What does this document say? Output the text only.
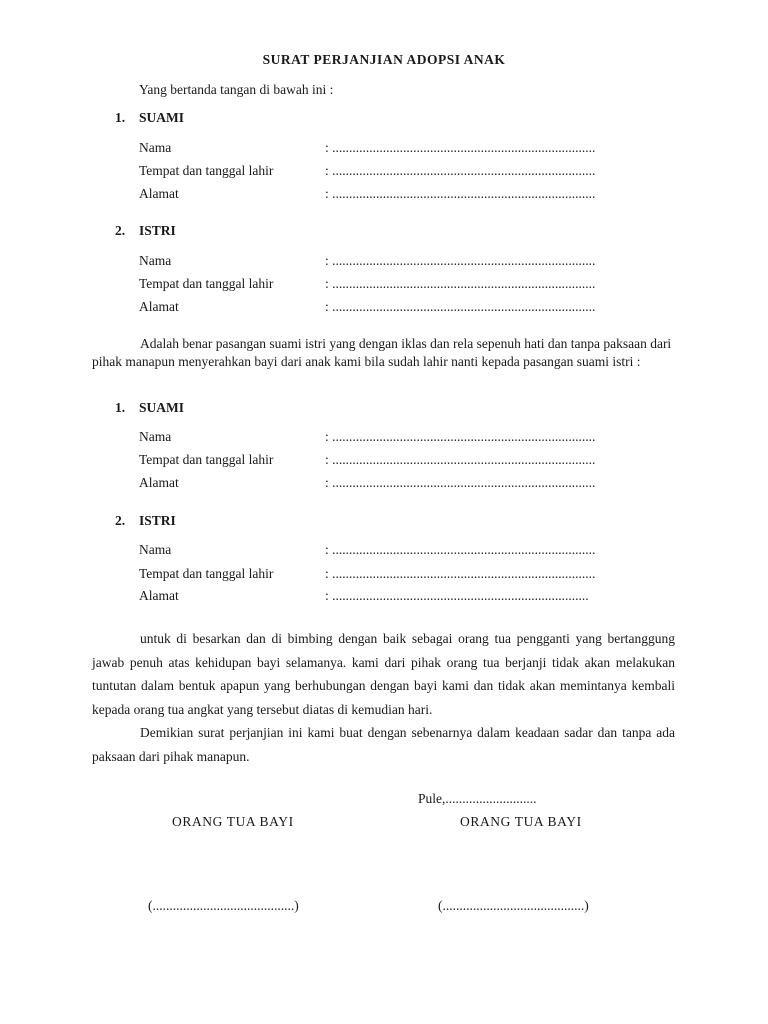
SURAT PERJANJIAN ADOPSI ANAK
Yang bertanda tangan di bawah ini :
1. SUAMI
Nama	: ..............................................................................
Tempat dan tanggal lahir	: ..............................................................................
Alamat	: ..............................................................................
2. ISTRI
Nama	: ..............................................................................
Tempat dan tanggal lahir	: ..............................................................................
Alamat	: ..............................................................................

Adalah benar pasangan suami istri yang dengan iklas dan rela sepenuh hati dan tanpa paksaan dari pihak manapun menyerahkan bayi dari anak kami bila sudah lahir nanti kepada pasangan suami istri :

1. SUAMI
Nama	: ..............................................................................
Tempat dan tanggal lahir	: ..............................................................................
Alamat	: ..............................................................................
2. ISTRI
Nama	: ..............................................................................
Tempat dan tanggal lahir	: ..............................................................................
Alamat	: ............................................................................

untuk di besarkan dan di bimbing dengan baik sebagai orang tua pengganti yang bertanggung jawab penuh atas kehidupan bayi selamanya. kami dari pihak orang tua berjanji tidak akan melakukan tuntutan dalam bentuk apapun yang berhubungan dengan bayi kami dan tidak akan memintanya kembali kepada orang tua angkat yang tersebut diatas di kemudian hari.

Demikian surat perjanjian ini kami buat dengan sebenarnya dalam keadaan sadar dan tanpa ada paksaan dari pihak manapun.

Pule,...........................
ORANG TUA BAYI	ORANG TUA BAYI
(..........................................)	(..........................................)
